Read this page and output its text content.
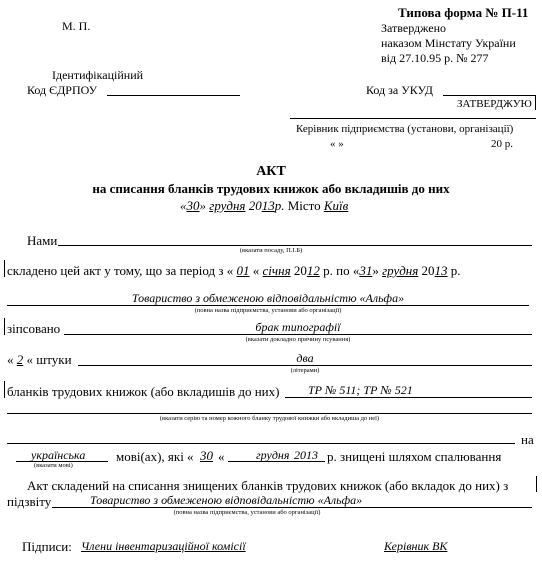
М. П.
Типова форма № П-11
Затверджено
наказом Мінстату України
від 27.10.95 р. № 277
Ідентифікаційний
Код ЄДРПОУ	Код за УКУД
ЗАТВЕРДЖУЮ
Керівник підприємства (установи, організації)
« »	20 р.
АКТ
на списання бланків трудових книжок або вкладишів до них
«30» грудня 2013р. Місто Київ
Нами
(вказати посаду, П.І.Б)
складено цей акт у тому, що за період з « 01 « січня 2012 р. по «31» грудня 2013 р.
Товариство з обмеженою відповідальністю «Альфа»
(повна назва підприємства, установи або організації)
зіпсовано	брак типографії
(вказати докладно причину псування)
« 2 « штуки	два
(літерами)
бланків трудових книжок (або вкладишів до них) ТР № 511; ТР № 521
(вказати серію та номер кожного бланку трудової книжки або вкладиша до неї)
на
українська
(вказати мові)
мові(ах), які « 30 «	грудня 2013 р. знищені шляхом спалювання
Акт складений на списання знищених бланків трудових книжок (або вкладок до них) з
підзвіту	Товариство з обмеженою відповідальністю «Альфа»
(повна назва підприємства, установи або організації)
Підписи: Члени інвентаризаційної комісії	Керівник ВК
